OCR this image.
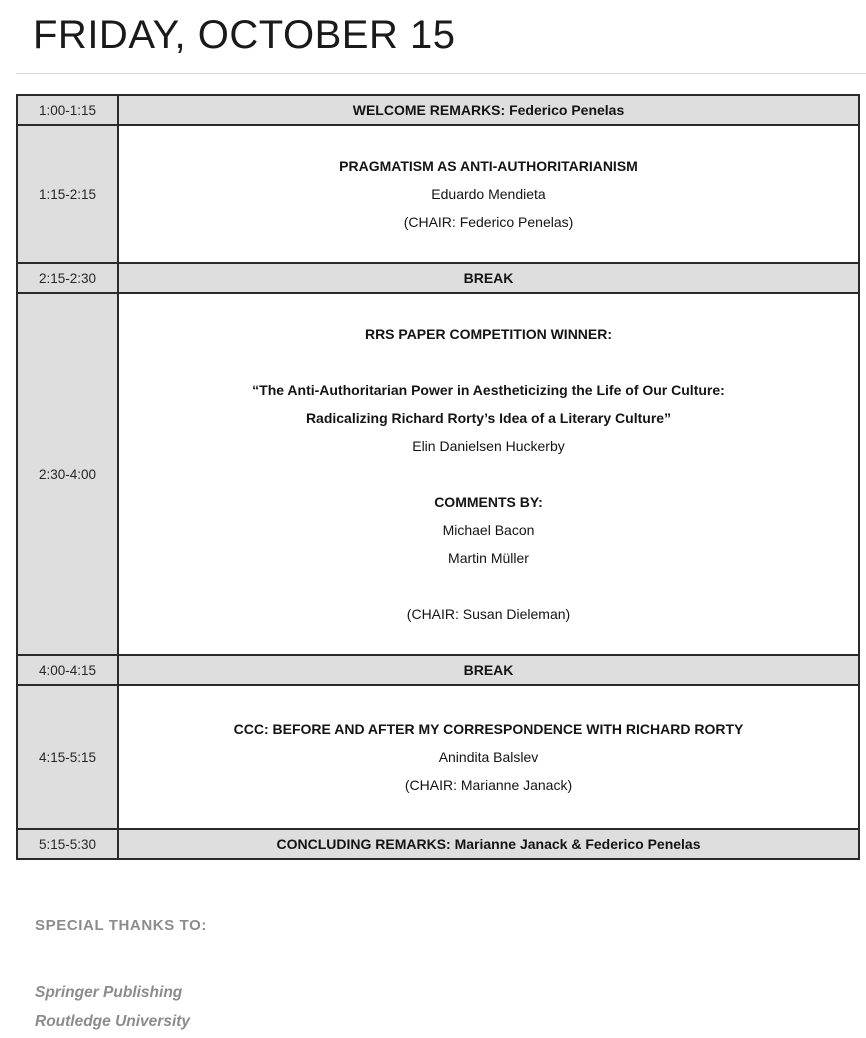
FRIDAY, OCTOBER 15
1:00-1:15	WELCOME REMARKS: Federico Penelas

1:15-2:15	PRAGMATISM AS ANTI-AUTHORITARIANISM
Eduardo Mendieta
(CHAIR: Federico Penelas)

2:15-2:30	BREAK

2:30-4:00	
RRS PAPER COMPETITION WINNER:

“The Anti-Authoritarian Power in Aestheticizing the Life of Our Culture:
Radicalizing Richard Rorty’s Idea of a Literary Culture”
Elin Danielsen Huckerby

COMMENTS BY:
Michael Bacon
Martin Müller

(CHAIR: Susan Dieleman)

4:00-4:15	BREAK

4:15-5:15	CCC: BEFORE AND AFTER MY CORRESPONDENCE WITH RICHARD RORTY
Anindita Balslev
(CHAIR: Marianne Janack)

5:15-5:30	CONCLUDING REMARKS: Marianne Janack & Federico Penelas
SPECIAL THANKS TO:
Springer Publishing
Routledge University
